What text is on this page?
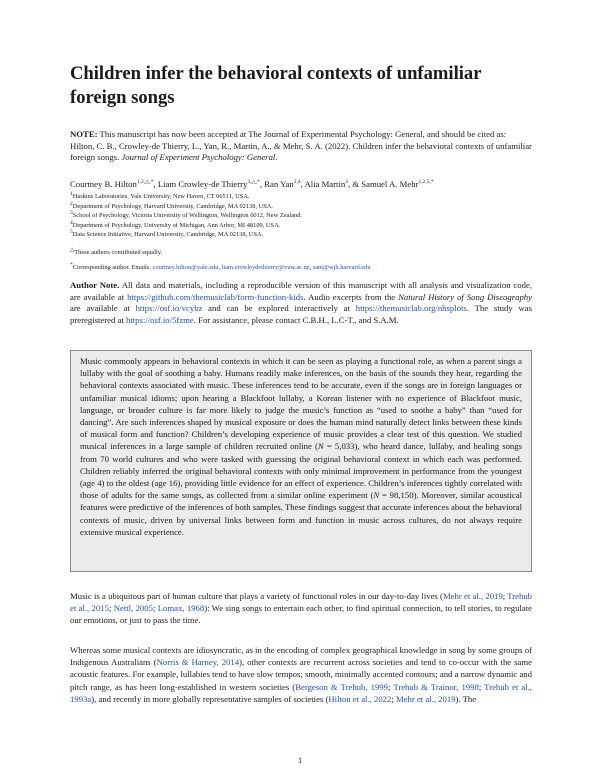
Children infer the behavioral contexts of unfamiliar foreign songs

NOTE: This manuscript has now been accepted at The Journal of Experimental Psychology: General, and should be cited as: Hilton, C. B., Crowley-de Thierry, L., Yan, R., Martin, A., & Mehr, S. A. (2022). Children infer the behavioral contexts of unfamiliar foreign songs. Journal of Experiment Psychology: General.

Courtney B. Hilton$^{1,2,\triangle,*}$, Liam Crowley-de Thierry$^{3,\triangle,*}$, Ran Yan$^{2,4}$, Alia Martin$^3$, & Samuel A. Mehr$^{1,2,5,*}$

$^1$Haskins Laboratories, Yale University, New Haven, CT 06511, USA.
$^2$Department of Psychology, Harvard University, Cambridge, MA 02138, USA.
$^3$School of Psychology, Victoria University of Wellington, Wellington 6012, New Zealand.
$^4$Department of Psychology, University of Michigan, Ann Arbor, MI 48109, USA.
$^5$Data Science Initiative, Harvard University, Cambridge, MA 02138, USA.
△These authors contributed equally.
*Corresponding author. Emails: courtney.hilton@yale.edu, liam.crowleydethierry@vuw.ac.nz, sam@wjh.harvard.edu

Author Note. All data and materials, including a reproducible version of this manuscript with all analysis and visualization code, are available at https://github.com/themusiclab/form-function-kids. Audio excerpts from the Natural History of Song Discography are available at https://osf.io/vcybz and can be explored interactively at https://themusiclab.org/nhsplots. The study was preregistered at https://osf.io/5fzme. For assistance, please contact C.B.H., L.C-T., and S.A.M.

Music commonly appears in behavioral contexts in which it can be seen as playing a functional role, as when a parent sings a lullaby with the goal of soothing a baby. Humans readily make inferences, on the basis of the sounds they hear, regarding the behavioral contexts associated with music. These inferences tend to be accurate, even if the songs are in foreign languages or unfamiliar musical idioms; upon hearing a Blackfoot lullaby, a Korean listener with no experience of Blackfoot music, language, or broader culture is far more likely to judge the music’s function as “used to soothe a baby” than “used for dancing”. Are such inferences shaped by musical exposure or does the human mind naturally detect links between these kinds of musical form and function? Children’s developing experience of music provides a clear test of this question. We studied musical inferences in a large sample of children recruited online (N = 5,033), who heard dance, lullaby, and healing songs from 70 world cultures and who were tasked with guessing the original behavioral context in which each was performed. Children reliably inferred the original behavioral contexts with only minimal improvement in performance from the youngest (age 4) to the oldest (age 16), providing little evidence for an effect of experience. Children’s inferences tightly correlated with those of adults for the same songs, as collected from a similar online experiment (N = 98,150). Moreover, similar acoustical features were predictive of the inferences of both samples. These findings suggest that accurate inferences about the behavioral contexts of music, driven by universal links between form and function in music across cultures, do not always require extensive musical experience.

Music is a ubiquitous part of human culture that plays a variety of functional roles in our day-to-day lives (Mehr et al., 2019; Trehub et al., 2015; Nettl, 2005; Lomax, 1968): We sing songs to entertain each other, to find spiritual connection, to tell stories, to regulate our emotions, or just to pass the time.

Whereas some musical contexts are idiosyncratic, as in the encoding of complex geographical knowledge in song by some groups of Indigenous Australians (Norris & Harney, 2014), other contexts are recurrent across societies and tend to co-occur with the same acoustic features. For example, lullabies tend to have slow tempos; smooth, minimally accented contours; and a narrow dynamic and pitch range, as has been long-established in western societies (Bergeson & Trehub, 1999; Trehub & Trainor, 1998; Trehub et al., 1993a), and recently in more globally representative samples of societies (Hilton et al., 2022; Mehr et al., 2019). The

1
